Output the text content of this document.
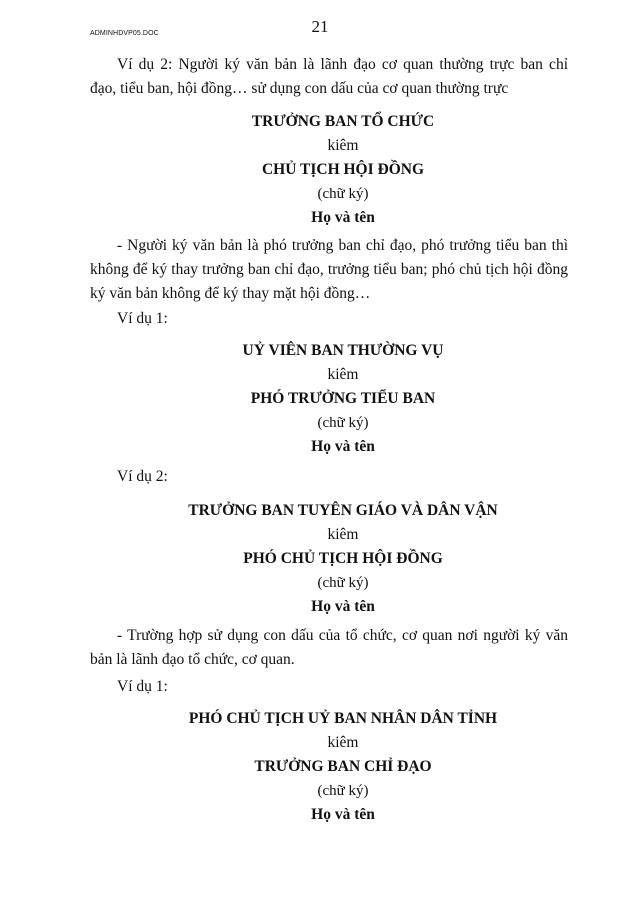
ADMINHDVP05.DOC	21
Ví dụ 2: Người ký văn bản là lãnh đạo cơ quan thường trực ban chỉ
đạo, tiểu ban, hội đồng… sử dụng con dấu của cơ quan thường trực
TRƯỞNG BAN TỔ CHỨC
kiêm
CHỦ TỊCH HỘI ĐỒNG
(chữ ký)
Họ và tên
- Người ký văn bản là phó trưởng ban chỉ đạo, phó trưởng tiểu ban thì
không để ký thay trưởng ban chỉ đạo, trưởng tiểu ban; phó chủ tịch hội đồng
ký văn bản không để ký thay mặt hội đồng…
Ví dụ 1:
UỶ VIÊN BAN THƯỜNG VỤ
kiêm
PHÓ TRƯỞNG TIỂU BAN
(chữ ký)
Họ và tên
Ví dụ 2:
TRƯỞNG BAN TUYÊN GIÁO VÀ DÂN VẬN
kiêm
PHÓ CHỦ TỊCH HỘI ĐỒNG
(chữ ký)
Họ và tên
- Trường hợp sử dụng con dấu của tổ chức, cơ quan nơi người ký văn
bản là lãnh đạo tổ chức, cơ quan.
Ví dụ 1:
PHÓ CHỦ TỊCH UỶ BAN NHÂN DÂN TỈNH
kiêm
TRƯỞNG BAN CHỈ ĐẠO
(chữ ký)
Họ và tên
